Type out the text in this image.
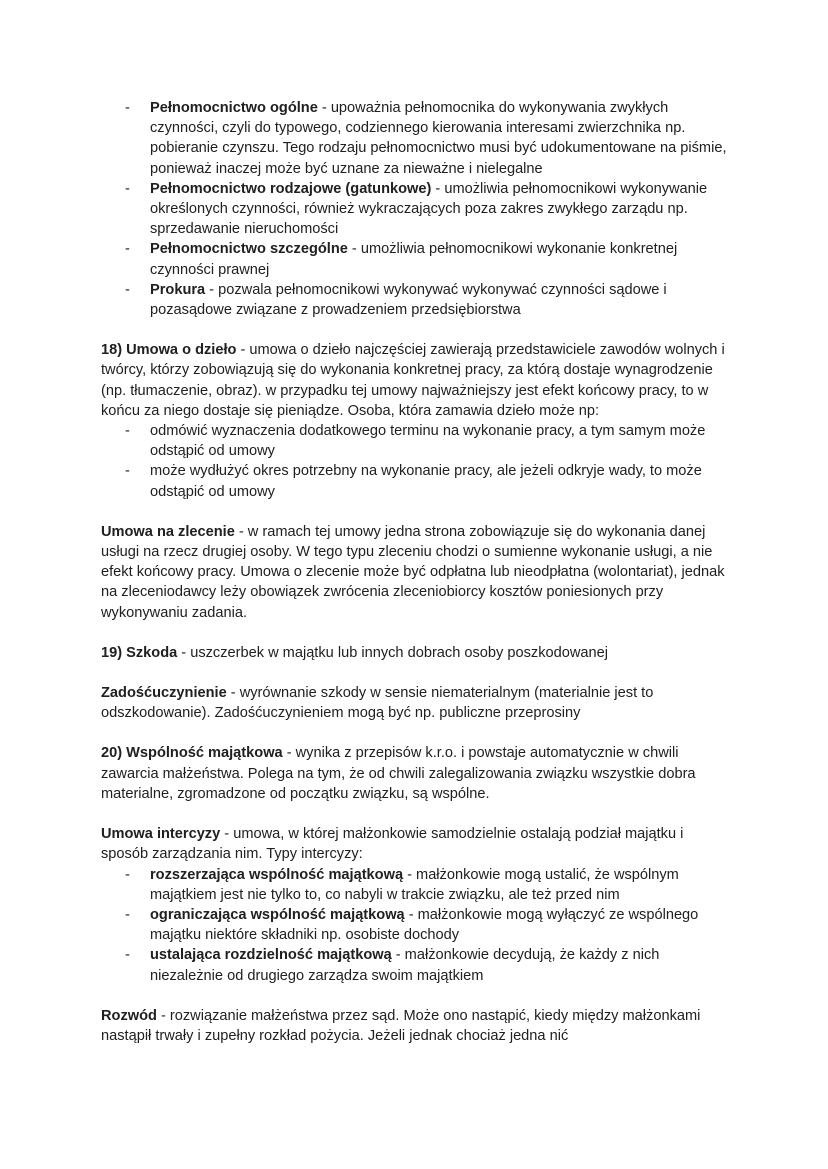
- Pełnomocnictwo ogólne - upoważnia pełnomocnika do wykonywania zwykłych czynności, czyli do typowego, codziennego kierowania interesami zwierzchnika np. pobieranie czynszu. Tego rodzaju pełnomocnictwo musi być udokumentowane na piśmie, ponieważ inaczej może być uznane za nieważne i nielegalne
- Pełnomocnictwo rodzajowe (gatunkowe) - umożliwia pełnomocnikowi wykonywanie określonych czynności, również wykraczających poza zakres zwykłego zarządu np. sprzedawanie nieruchomości
- Pełnomocnictwo szczególne - umożliwia pełnomocnikowi wykonanie konkretnej czynności prawnej
- Prokura - pozwala pełnomocnikowi wykonywać wykonywać czynności sądowe i pozasądowe związane z prowadzeniem przedsiębiorstwa

18) Umowa o dzieło - umowa o dzieło najczęściej zawierają przedstawiciele zawodów wolnych i twórcy, którzy zobowiązują się do wykonania konkretnej pracy, za którą dostaje wynagrodzenie (np. tłumaczenie, obraz). w przypadku tej umowy najważniejszy jest efekt końcowy pracy, to w końcu za niego dostaje się pieniądze. Osoba, która zamawia dzieło może np:

- odmówić wyznaczenia dodatkowego terminu na wykonanie pracy, a tym samym może odstąpić od umowy
- może wydłużyć okres potrzebny na wykonanie pracy, ale jeżeli odkryje wady, to może odstąpić od umowy

Umowa na zlecenie - w ramach tej umowy jedna strona zobowiązuje się do wykonania danej usługi na rzecz drugiej osoby. W tego typu zleceniu chodzi o sumienne wykonanie usługi, a nie efekt końcowy pracy. Umowa o zlecenie może być odpłatna lub nieodpłatna (wolontariat), jednak na zleceniodawcy leży obowiązek zwrócenia zleceniobiorcy kosztów poniesionych przy wykonywaniu zadania.

19) Szkoda - uszczerbek w majątku lub innych dobrach osoby poszkodowanej

Zadośćuczynienie - wyrównanie szkody w sensie niematerialnym (materialnie jest to odszkodowanie). Zadośćuczynieniem mogą być np. publiczne przeprosiny

20) Wspólność majątkowa - wynika z przepisów k.r.o. i powstaje automatycznie w chwili zawarcia małżeństwa. Polega na tym, że od chwili zalegalizowania związku wszystkie dobra materialne, zgromadzone od początku związku, są wspólne.

Umowa intercyzy - umowa, w której małżonkowie samodzielnie ostalają podział majątku i sposób zarządzania nim. Typy intercyzy:

- rozszerzająca wspólność majątkową - małżonkowie mogą ustalić, że wspólnym majątkiem jest nie tylko to, co nabyli w trakcie związku, ale też przed nim
- ograniczająca wspólność majątkową - małżonkowie mogą wyłączyć ze wspólnego majątku niektóre składniki np. osobiste dochody
- ustalająca rozdzielność majątkową - małżonkowie decydują, że każdy z nich niezależnie od drugiego zarządza swoim majątkiem

Rozwód - rozwiązanie małżeństwa przez sąd. Może ono nastąpić, kiedy między małżonkami nastąpił trwały i zupełny rozkład pożycia. Jeżeli jednak chociaż jedna nić
